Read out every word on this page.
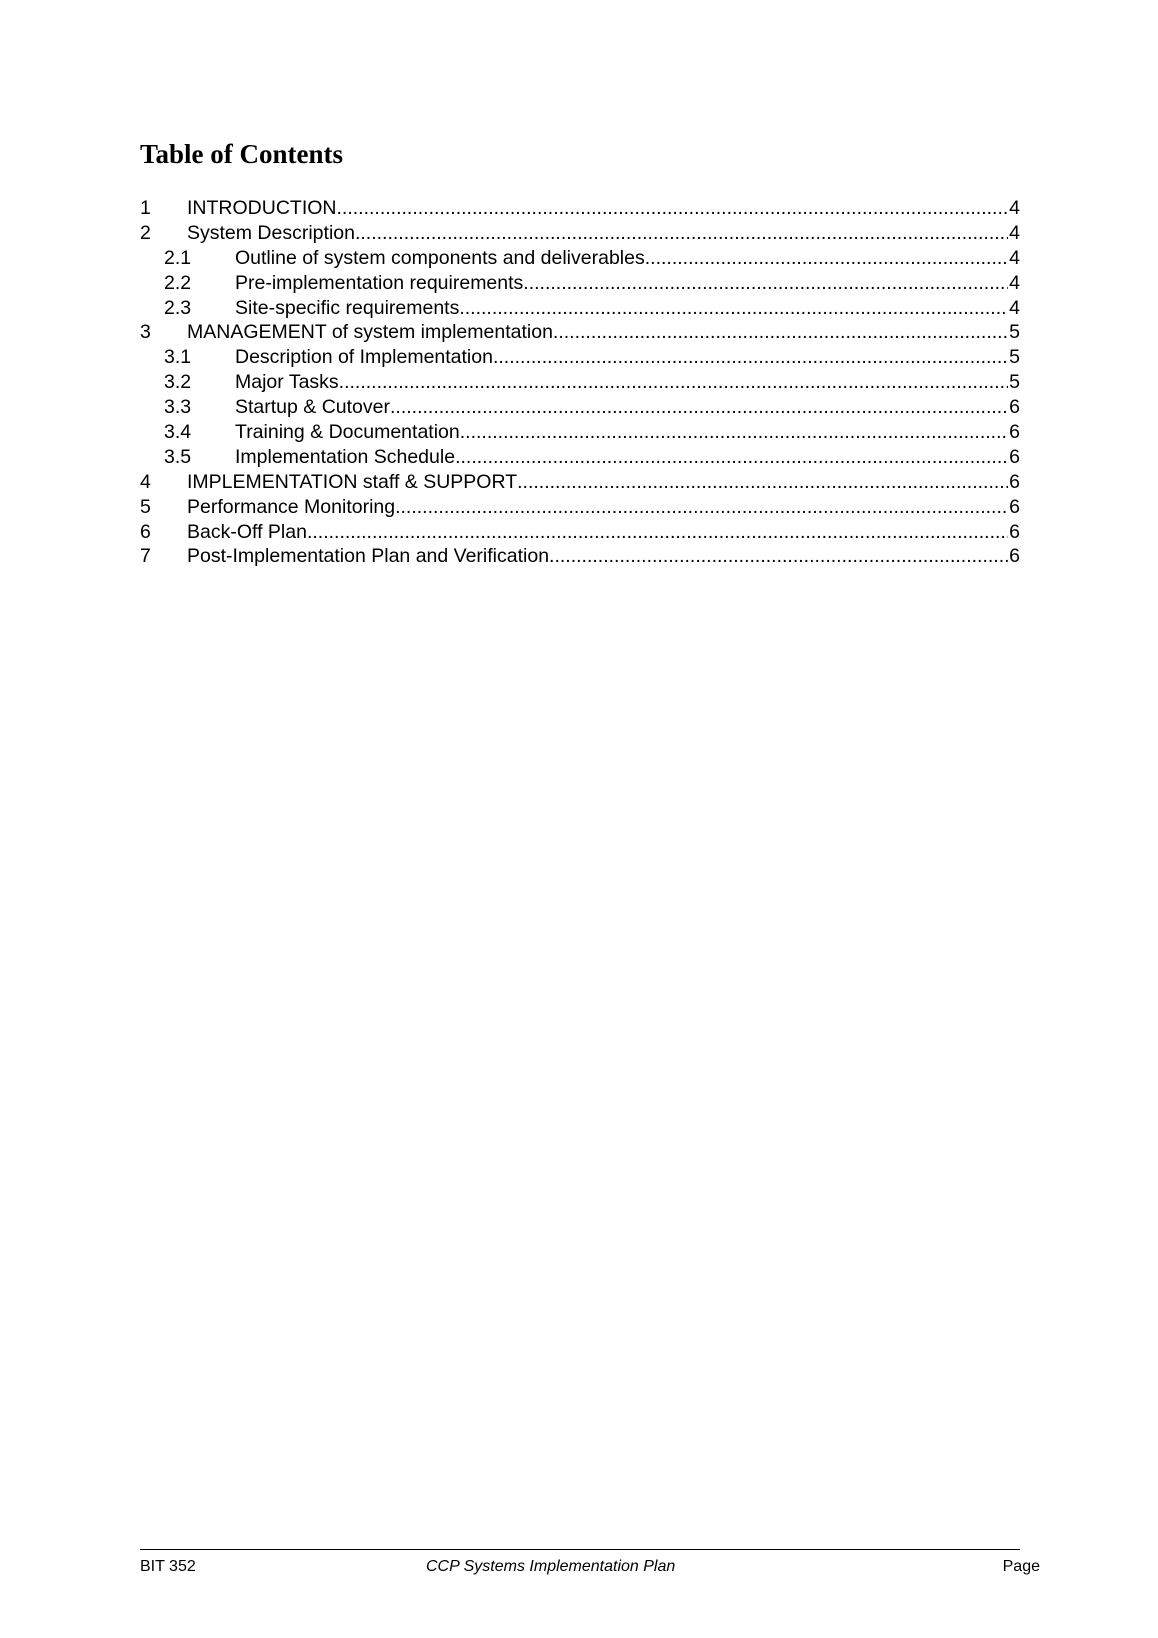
Table of Contents
1	INTRODUCTION .....	4
2	System Description .....	4
2.1	Outline of system components and deliverables .....	4
2.2	Pre-implementation requirements .....	4
2.3	Site-specific requirements .....	4
3	MANAGEMENT of system implementation .....	5
3.1	Description of Implementation .....	5
3.2	Major Tasks .....	5
3.3	Startup & Cutover .....	6
3.4	Training & Documentation .....	6
3.5	Implementation Schedule .....	6
4	IMPLEMENTATION staff & SUPPORT .....	6
5	Performance Monitoring .....	6
6	Back-Off Plan .....	6
7	Post-Implementation Plan and Verification .....	6
BIT 352	CCP Systems Implementation Plan	Page
